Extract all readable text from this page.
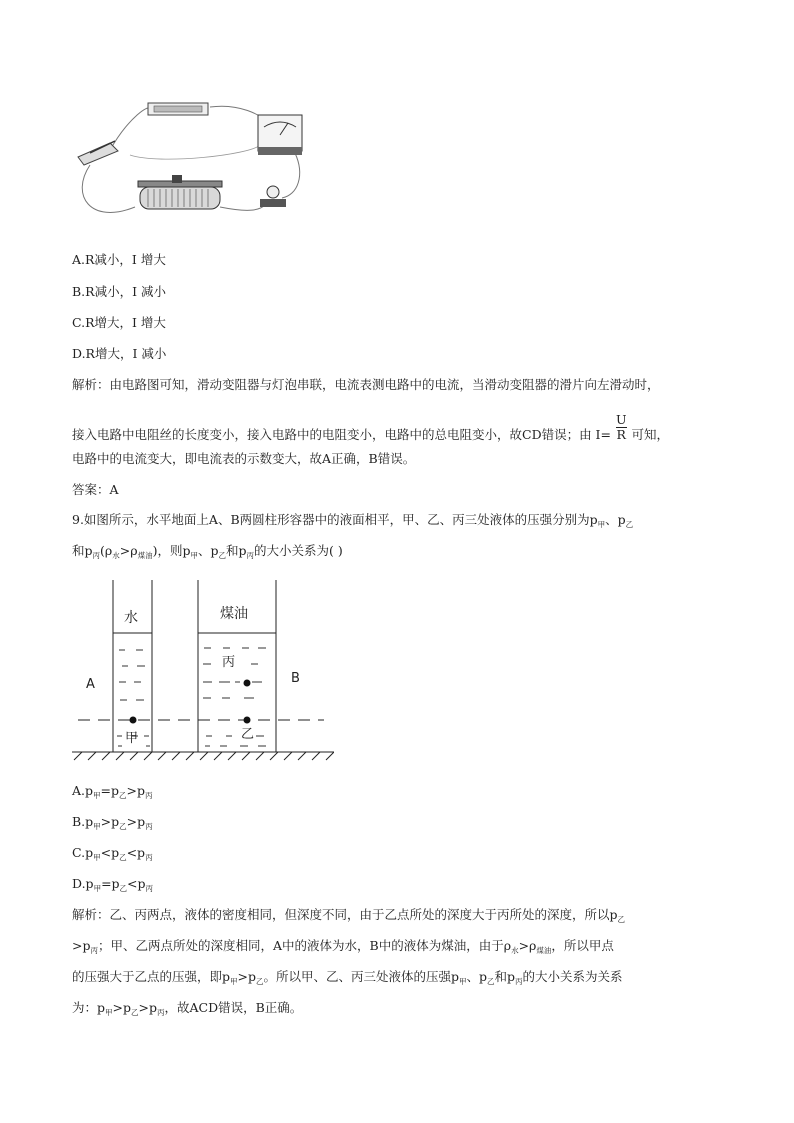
A.R减小，I 增大
B.R减小，I 减小
C.R增大，I 增大
D.R增大，I 减小
解析：由电路图可知，滑动变阻器与灯泡串联，电流表测电路中的电流，当滑动变阻器的滑片向左滑动时，
接入电路中电阻丝的长度变小，接入电路中的电阻变小，电路中的总电阻变小，故CD错误；由 $I= \frac{U}{R}$ 可知，
电路中的电流变大，即电流表的示数变大，故A正确，B错误。
答案：A
9.如图所示，水平地面上A、B两圆柱形容器中的液面相平，甲、乙、丙三处液体的压强分别为$p_甲$、$p_乙$
和$p_丙(\rho_水>\rho_{煤油})$，则$p_甲$、$p_乙$和$p_丙$的大小关系为( )
水	煤油
丙
甲	乙
A	B
$A.p_甲=p_乙>p_丙$
$B.p_甲>p_乙>p_丙$
$C.p_甲<p_乙<p_丙$
$D.p_甲=p_乙<p_丙$
解析：乙、丙两点，液体的密度相同，但深度不同，由于乙点所处的深度大于丙所处的深度，所以$p_乙$
$>p_丙$；甲、乙两点所处的深度相同，A中的液体为水，B中的液体为煤油，由于$\rho_水>\rho_{煤油}$，所以甲点
的压强大于乙点的压强，即$p_甲>p_乙$。所以甲、乙、丙三处液体的压强$p_甲$、$p_乙$和$p_丙$的大小关系为关系
为：$p_甲>p_乙>p_丙$，故ACD错误，B正确。
